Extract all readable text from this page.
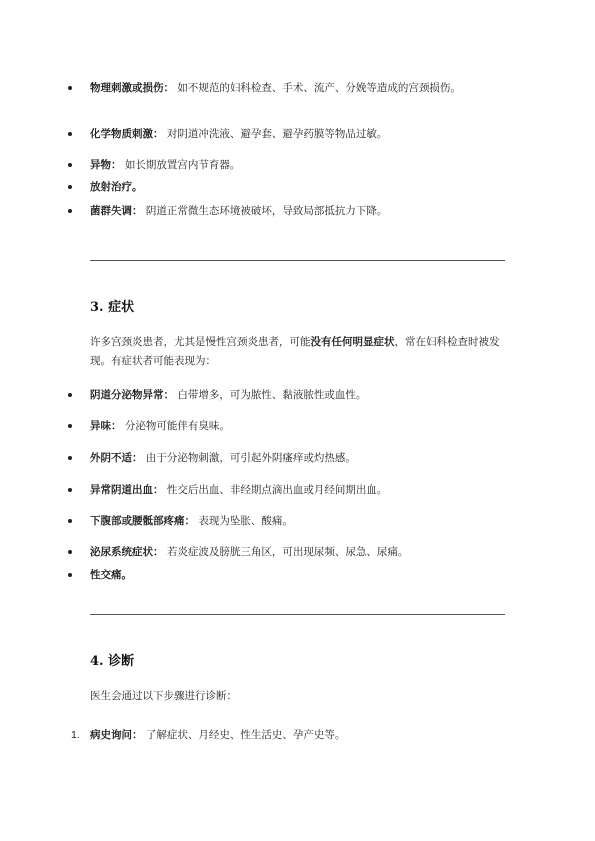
物理刺激或损伤： 如不规范的妇科检查、手术、流产、分娩等造成的宫颈损伤。
化学物质刺激： 对阴道冲洗液、避孕套、避孕药膜等物品过敏。
异物： 如长期放置宫内节育器。
放射治疗。
菌群失调： 阴道正常微生态环境被破坏，导致局部抵抗力下降。
3. 症状
许多宫颈炎患者，尤其是慢性宫颈炎患者，可能没有任何明显症状，常在妇科检查时被发现。有症状者可能表现为：
阴道分泌物异常： 白带增多，可为脓性、黏液脓性或血性。
异味： 分泌物可能伴有臭味。
外阴不适： 由于分泌物刺激，可引起外阴瘙痒或灼热感。
异常阴道出血： 性交后出血、非经期点滴出血或月经间期出血。
下腹部或腰骶部疼痛： 表现为坠胀、酸痛。
泌尿系统症状： 若炎症波及膀胱三角区，可出现尿频、尿急、尿痛。
性交痛。
4. 诊断
医生会通过以下步骤进行诊断：
1. 病史询问： 了解症状、月经史、性生活史、孕产史等。
